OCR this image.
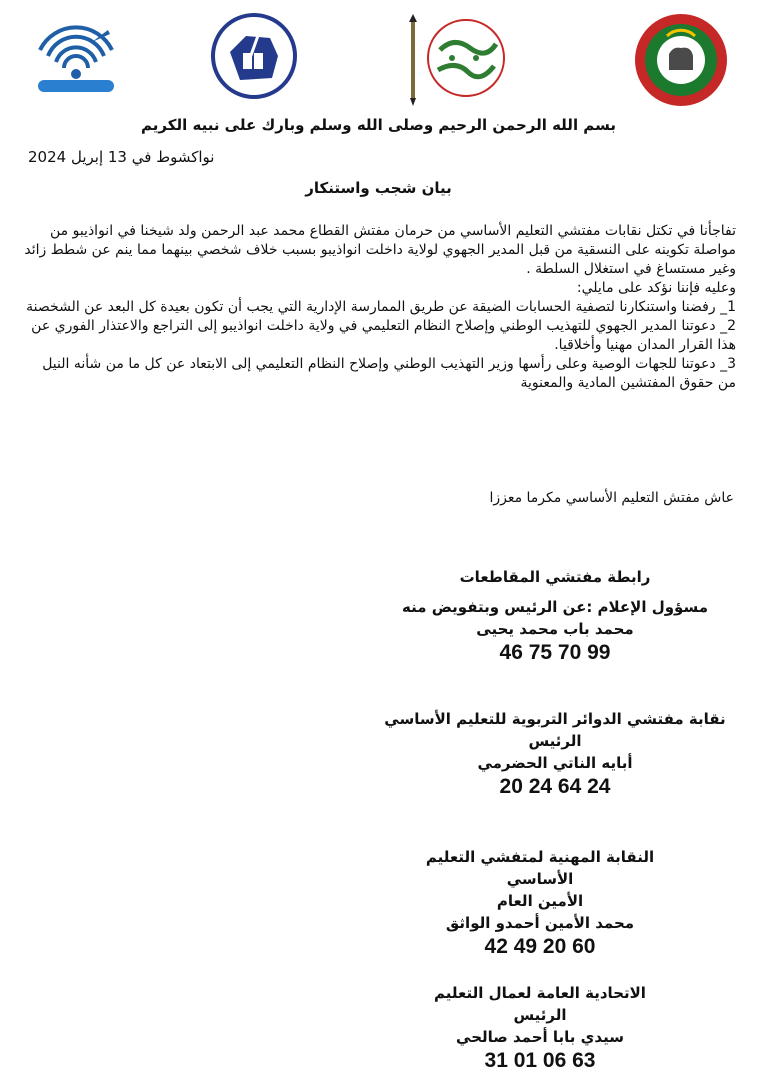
بسم الله الرحمن الرحيم وصلى الله وسلم وبارك على نبيه الكريم
نواكشوط في 13 إبريل 2024
بيان شجب واستنكار

تفاجأنا في تكتل نقابات مفتشي التعليم الأساسي من حرمان مفتش القطاع محمد عبد الرحمن ولد شيخنا في انواذيبو من مواصلة تكوينه على النسقية من قبل المدير الجهوي لولاية داخلت انواذيبو بسبب خلاف شخصي بينهما مما ينم عن شطط زائد وغير مستساغ في استغلال السلطة .

وعليه فإننا نؤكد على مايلي:

1_ رفضنا واستنكارنا لتصفية الحسابات الضيقة عن طريق الممارسة الإدارية التي يجب أن تكون بعيدة كل البعد عن الشخصنة

2_ دعوتنا المدير الجهوي للتهذيب الوطني وإصلاح النظام التعليمي في ولاية داخلت انواذيبو إلى التراجع والاعتذار الفوري عن هذا القرار المدان مهنيا وأخلاقيا.

3_ دعوتنا للجهات الوصية وعلى رأسها وزير التهذيب الوطني وإصلاح النظام التعليمي إلى الابتعاد عن كل ما من شأنه النيل من حقوق المفتشين المادية والمعنوية

عاش مفتش التعليم الأساسي مكرما معززا
رابطة مفتشي المقاطعات
مسؤول الإعلام :عن الرئيس وبتفويض منه
محمد باب محمد يحيى
46 75 70 99
نقابة مفتشي الدوائر التربوية للتعليم الأساسي
الرئيس
أبايه الناتي الحضرمي
20 24 64 24
النقابة المهنية لمتفشي التعليم الأساسي
الأمين العام
محمد الأمين أحمدو الواثق
42 49 20 60
الاتحادية العامة لعمال التعليم
الرئيس
سيدي بابا أحمد صالحي
31 01 06 63
